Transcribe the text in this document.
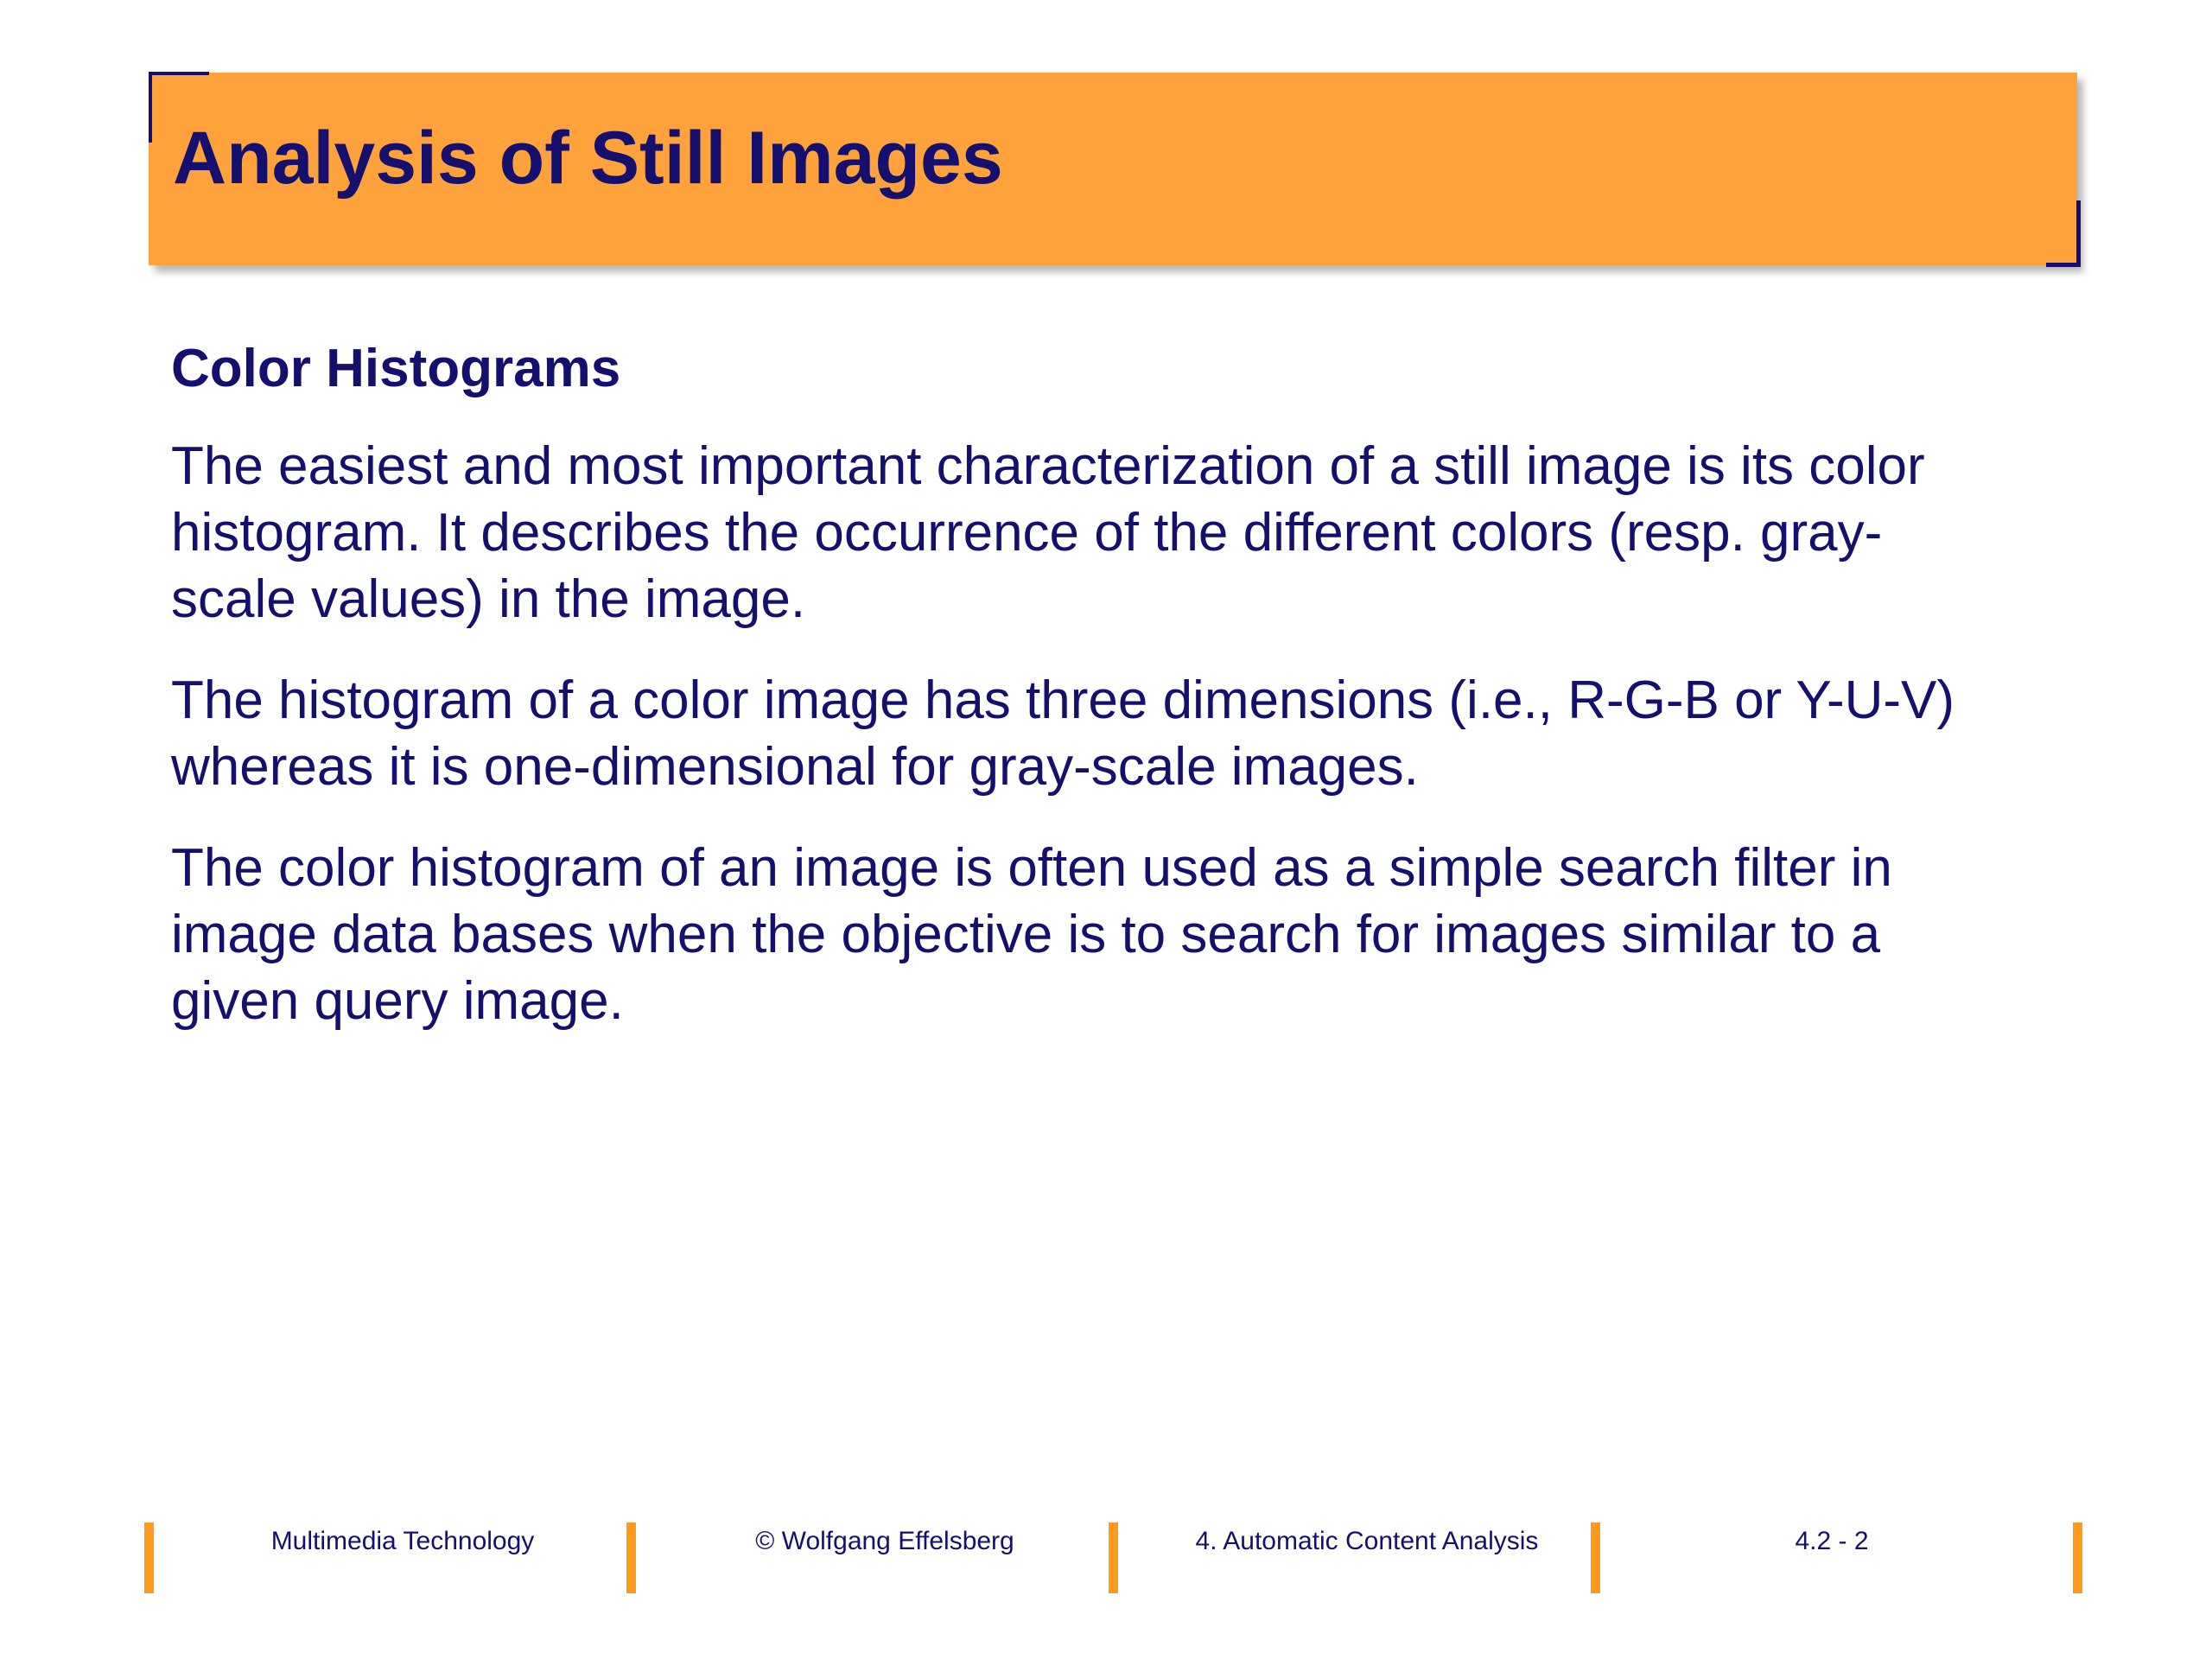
Analysis of Still Images
Color Histograms

The easiest and most important characterization of a still image is its color
histogram. It describes the occurrence of the different colors (resp. gray-
scale values) in the image.

The histogram of a color image has three dimensions (i.e., R-G-B or Y-U-V)
whereas it is one-dimensional for gray-scale images.

The color histogram of an image is often used as a simple search filter in
image data bases when the objective is to search for images similar to a
given query image.

Multimedia Technology	© Wolfgang Effelsberg	4. Automatic Content Analysis	4.2 - 2
